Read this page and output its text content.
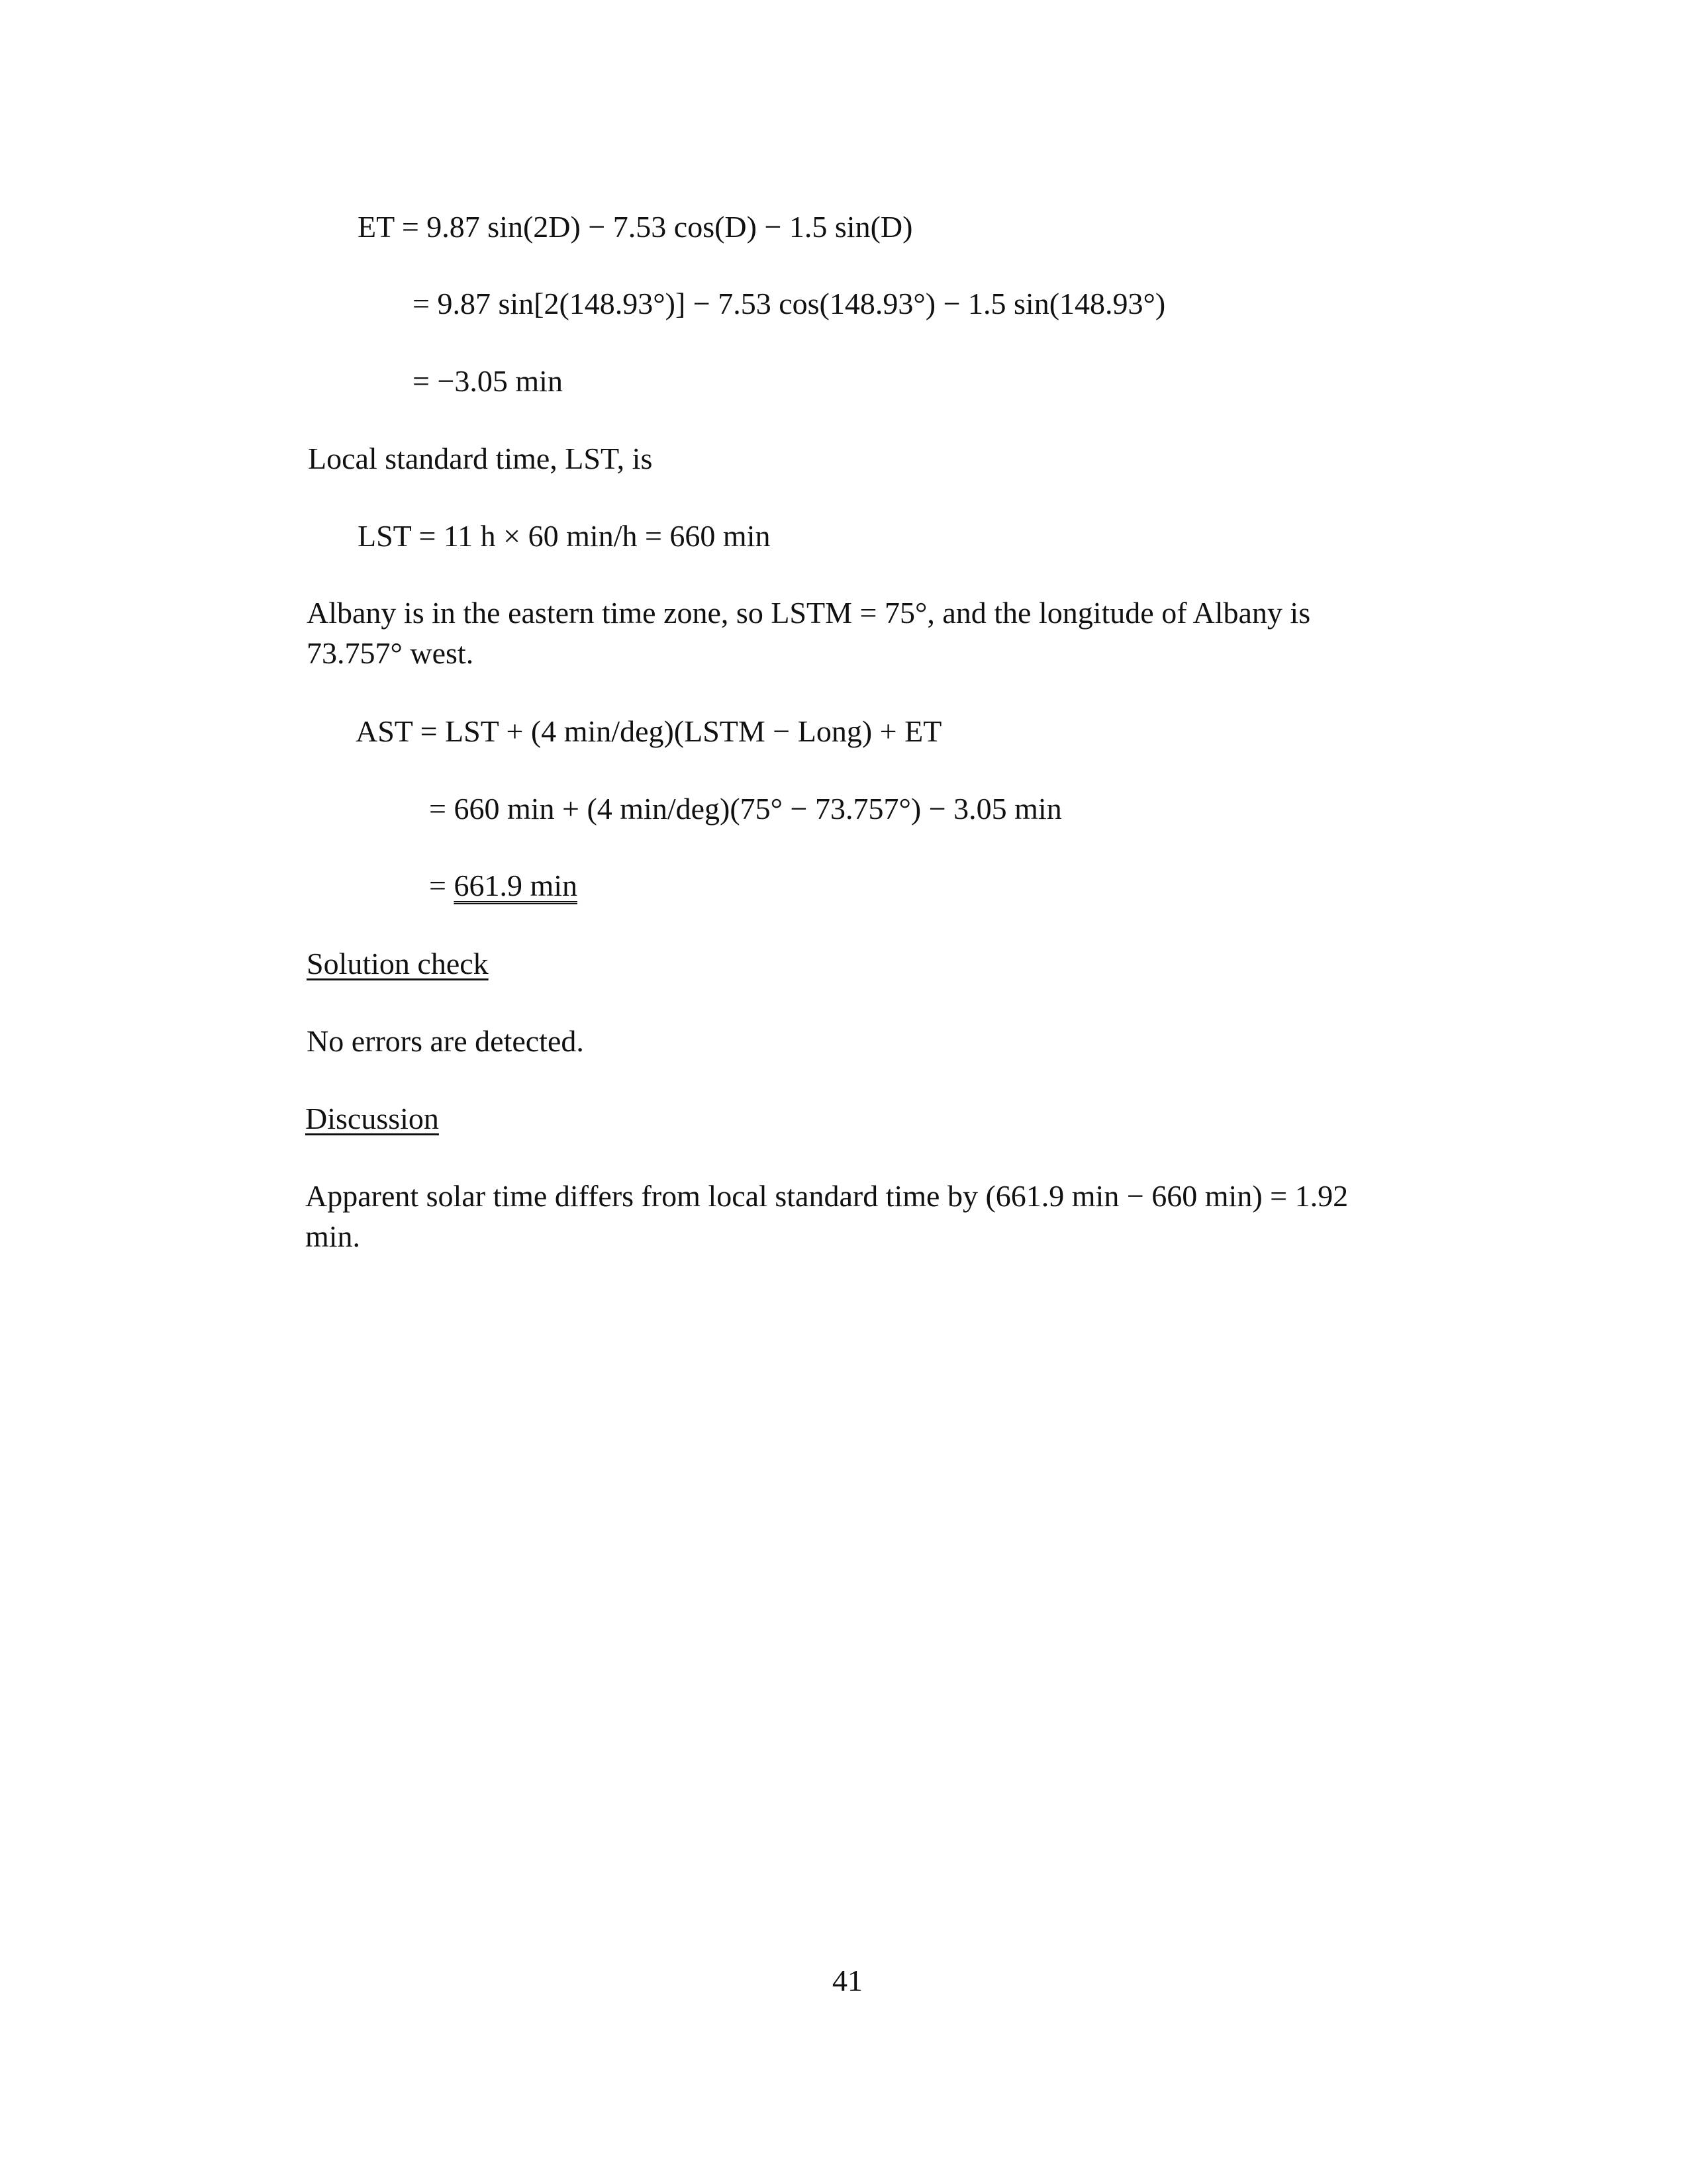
ET = 9.87 sin(2D) − 7.53 cos(D) − 1.5 sin(D)
= 9.87 sin[2(148.93°)] − 7.53 cos(148.93°) − 1.5 sin(148.93°)
= −3.05 min
Local standard time, LST, is
LST = 11 h × 60 min/h = 660 min
Albany is in the eastern time zone, so LSTM = 75°, and the longitude of Albany is
73.757° west.
AST = LST + (4 min/deg)(LSTM − Long) + ET
= 660 min + (4 min/deg)(75° − 73.757°) − 3.05 min
= 661.9 min
Solution check
No errors are detected.
Discussion
Apparent solar time differs from local standard time by (661.9 min − 660 min) = 1.92
min.
41
